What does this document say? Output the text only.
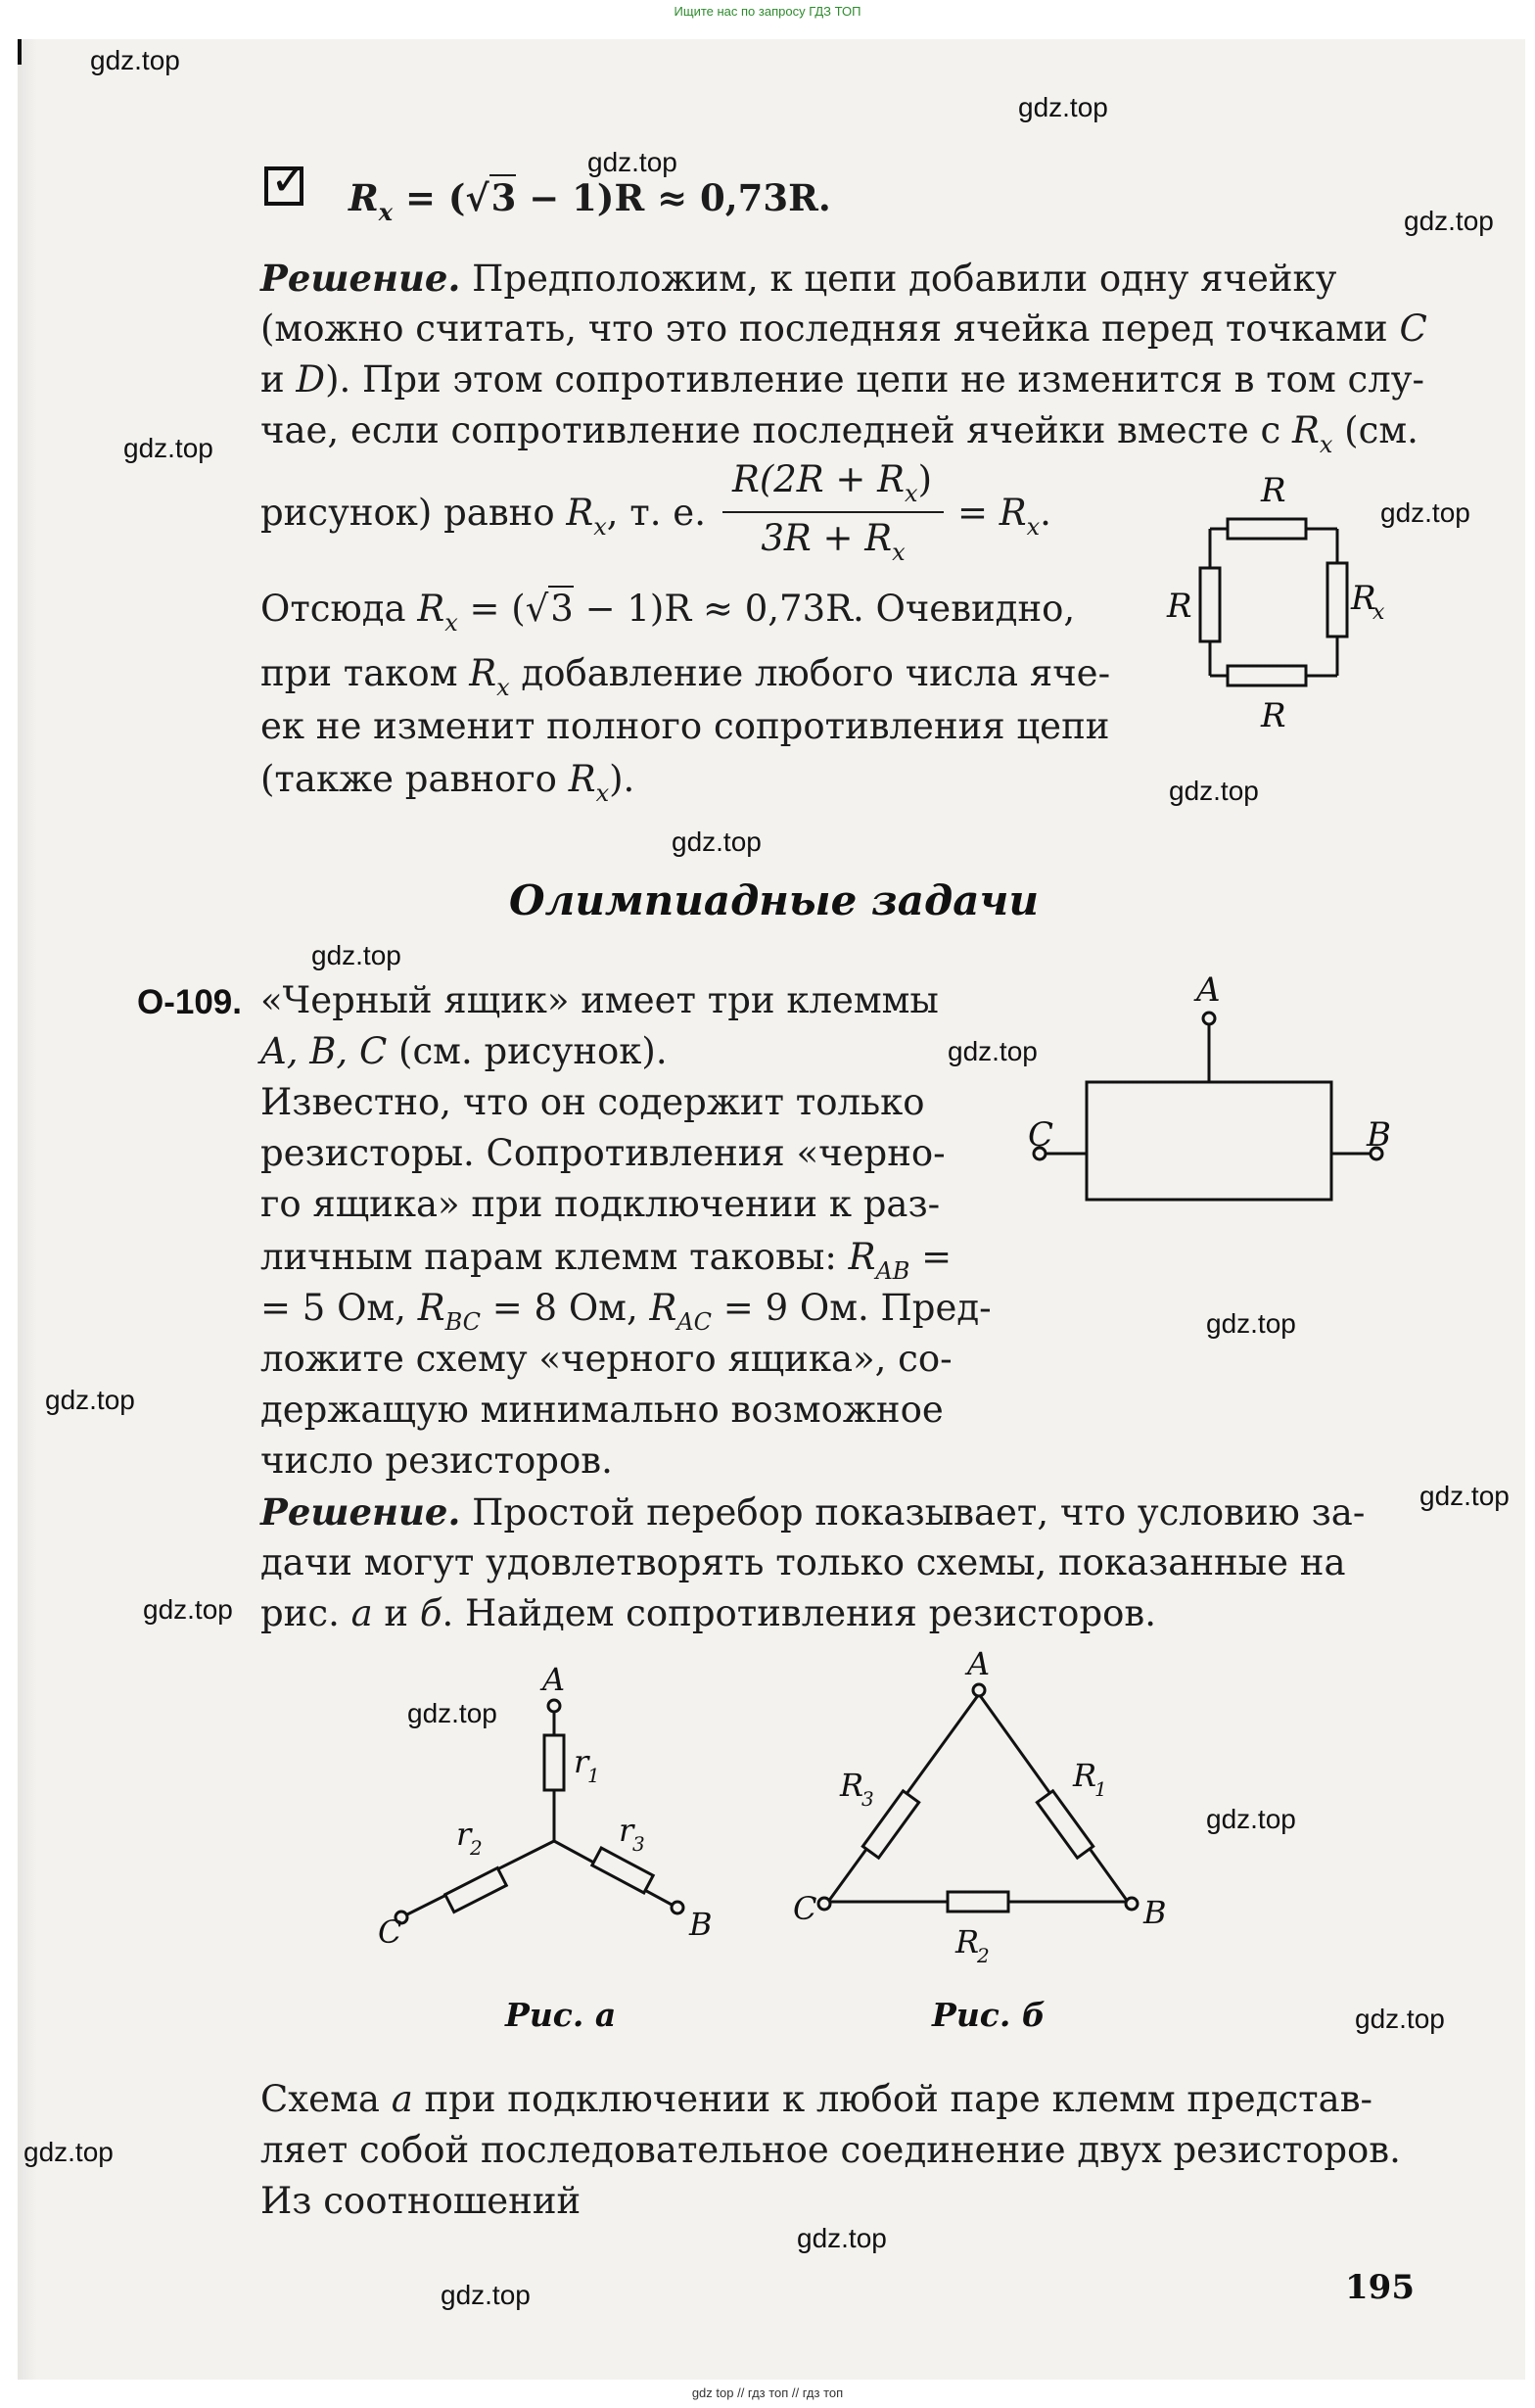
Ищите нас по запросу ГДЗ ТОП
gdz.top
gdz.top
gdz.top
gdz.top
gdz.top
gdz.top
gdz.top
gdz.top
gdz.top
gdz.top
gdz.top
gdz.top
gdz.top
gdz.top
gdz.top
gdz.top
gdz.top
gdz.top
gdz.top
gdz.top
✓ $R_x = (√3 - 1)R \approx 0,73R$.
Решение. Предположим, к цепи добавили одну ячейку
(можно считать, что это последняя ячейка перед точками C
и D). При этом сопротивление цепи не изменится в том слу-
чае, если сопротивление последней ячейки вместе с $R_x$ (см.
рисунок) равно $R_x$, т. е.
$R(2R + R_x)$
$3R + R_x$
= $R_x$.
Отсюда $R_x = (√3 - 1)R \approx 0,73R$. Очевидно,
при таком $R_x$ добавление любого числа яче-
ек не изменит полного сопротивления цепи
(также равного $R_x$).
R
R	R
x
R
Олимпиадные задачи
О-109. «Черный ящик» имеет три клеммы
A, B, C (см. рисунок).
Известно, что он содержит только
резисторы. Сопротивления «черно-
го ящика» при подключении к раз-
личным парам клемм таковы: $R_{AB}$ =
= 5 Ом, $R_{BC} = 8$ Ом, $R_{AC} = 9$ Ом. Пред-
ложите схему «черного ящика», со-
держащую минимально возможное
число резисторов.
A
C	B
Решение. Простой перебор показывает, что условию за-
дачи могут удовлетворять только схемы, показанные на
рис. а и б. Найдем сопротивления резисторов.
A
C	B
r
1
r
2	r
3
Рис. а
A
C	B
R
3
R
1
R
2
Рис. б
Схема а при подключении к любой паре клемм представ-
ляет собой последовательное соединение двух резисторов.
Из соотношений
195
gdz top // гдз топ // гдз топ
